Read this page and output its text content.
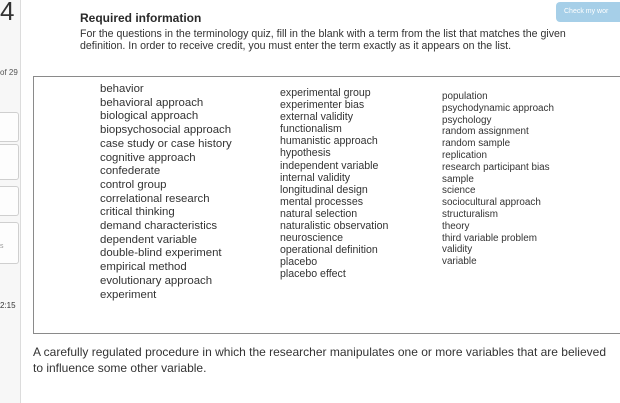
4
of 29
2:15
s
Check my wor
Required information
For the questions in the terminology quiz, fill in the blank with a term from the list that matches the given definition. In order to receive credit, you must enter the term exactly as it appears on the list.
behavior
behavioral approach
biological approach
biopsychosocial approach
case study or case history
cognitive approach
confederate
control group
correlational research
critical thinking
demand characteristics
dependent variable
double-blind experiment
empirical method
evolutionary approach
experiment
experimental group
experimenter bias
external validity
functionalism
humanistic approach
hypothesis
independent variable
internal validity
longitudinal design
mental processes
natural selection
naturalistic observation
neuroscience
operational definition
placebo
placebo effect
population
psychodynamic approach
psychology
random assignment
random sample
replication
research participant bias
sample
science
sociocultural approach
structuralism
theory
third variable problem
validity
variable
A carefully regulated procedure in which the researcher manipulates one or more variables that are believed to influence some other variable.
